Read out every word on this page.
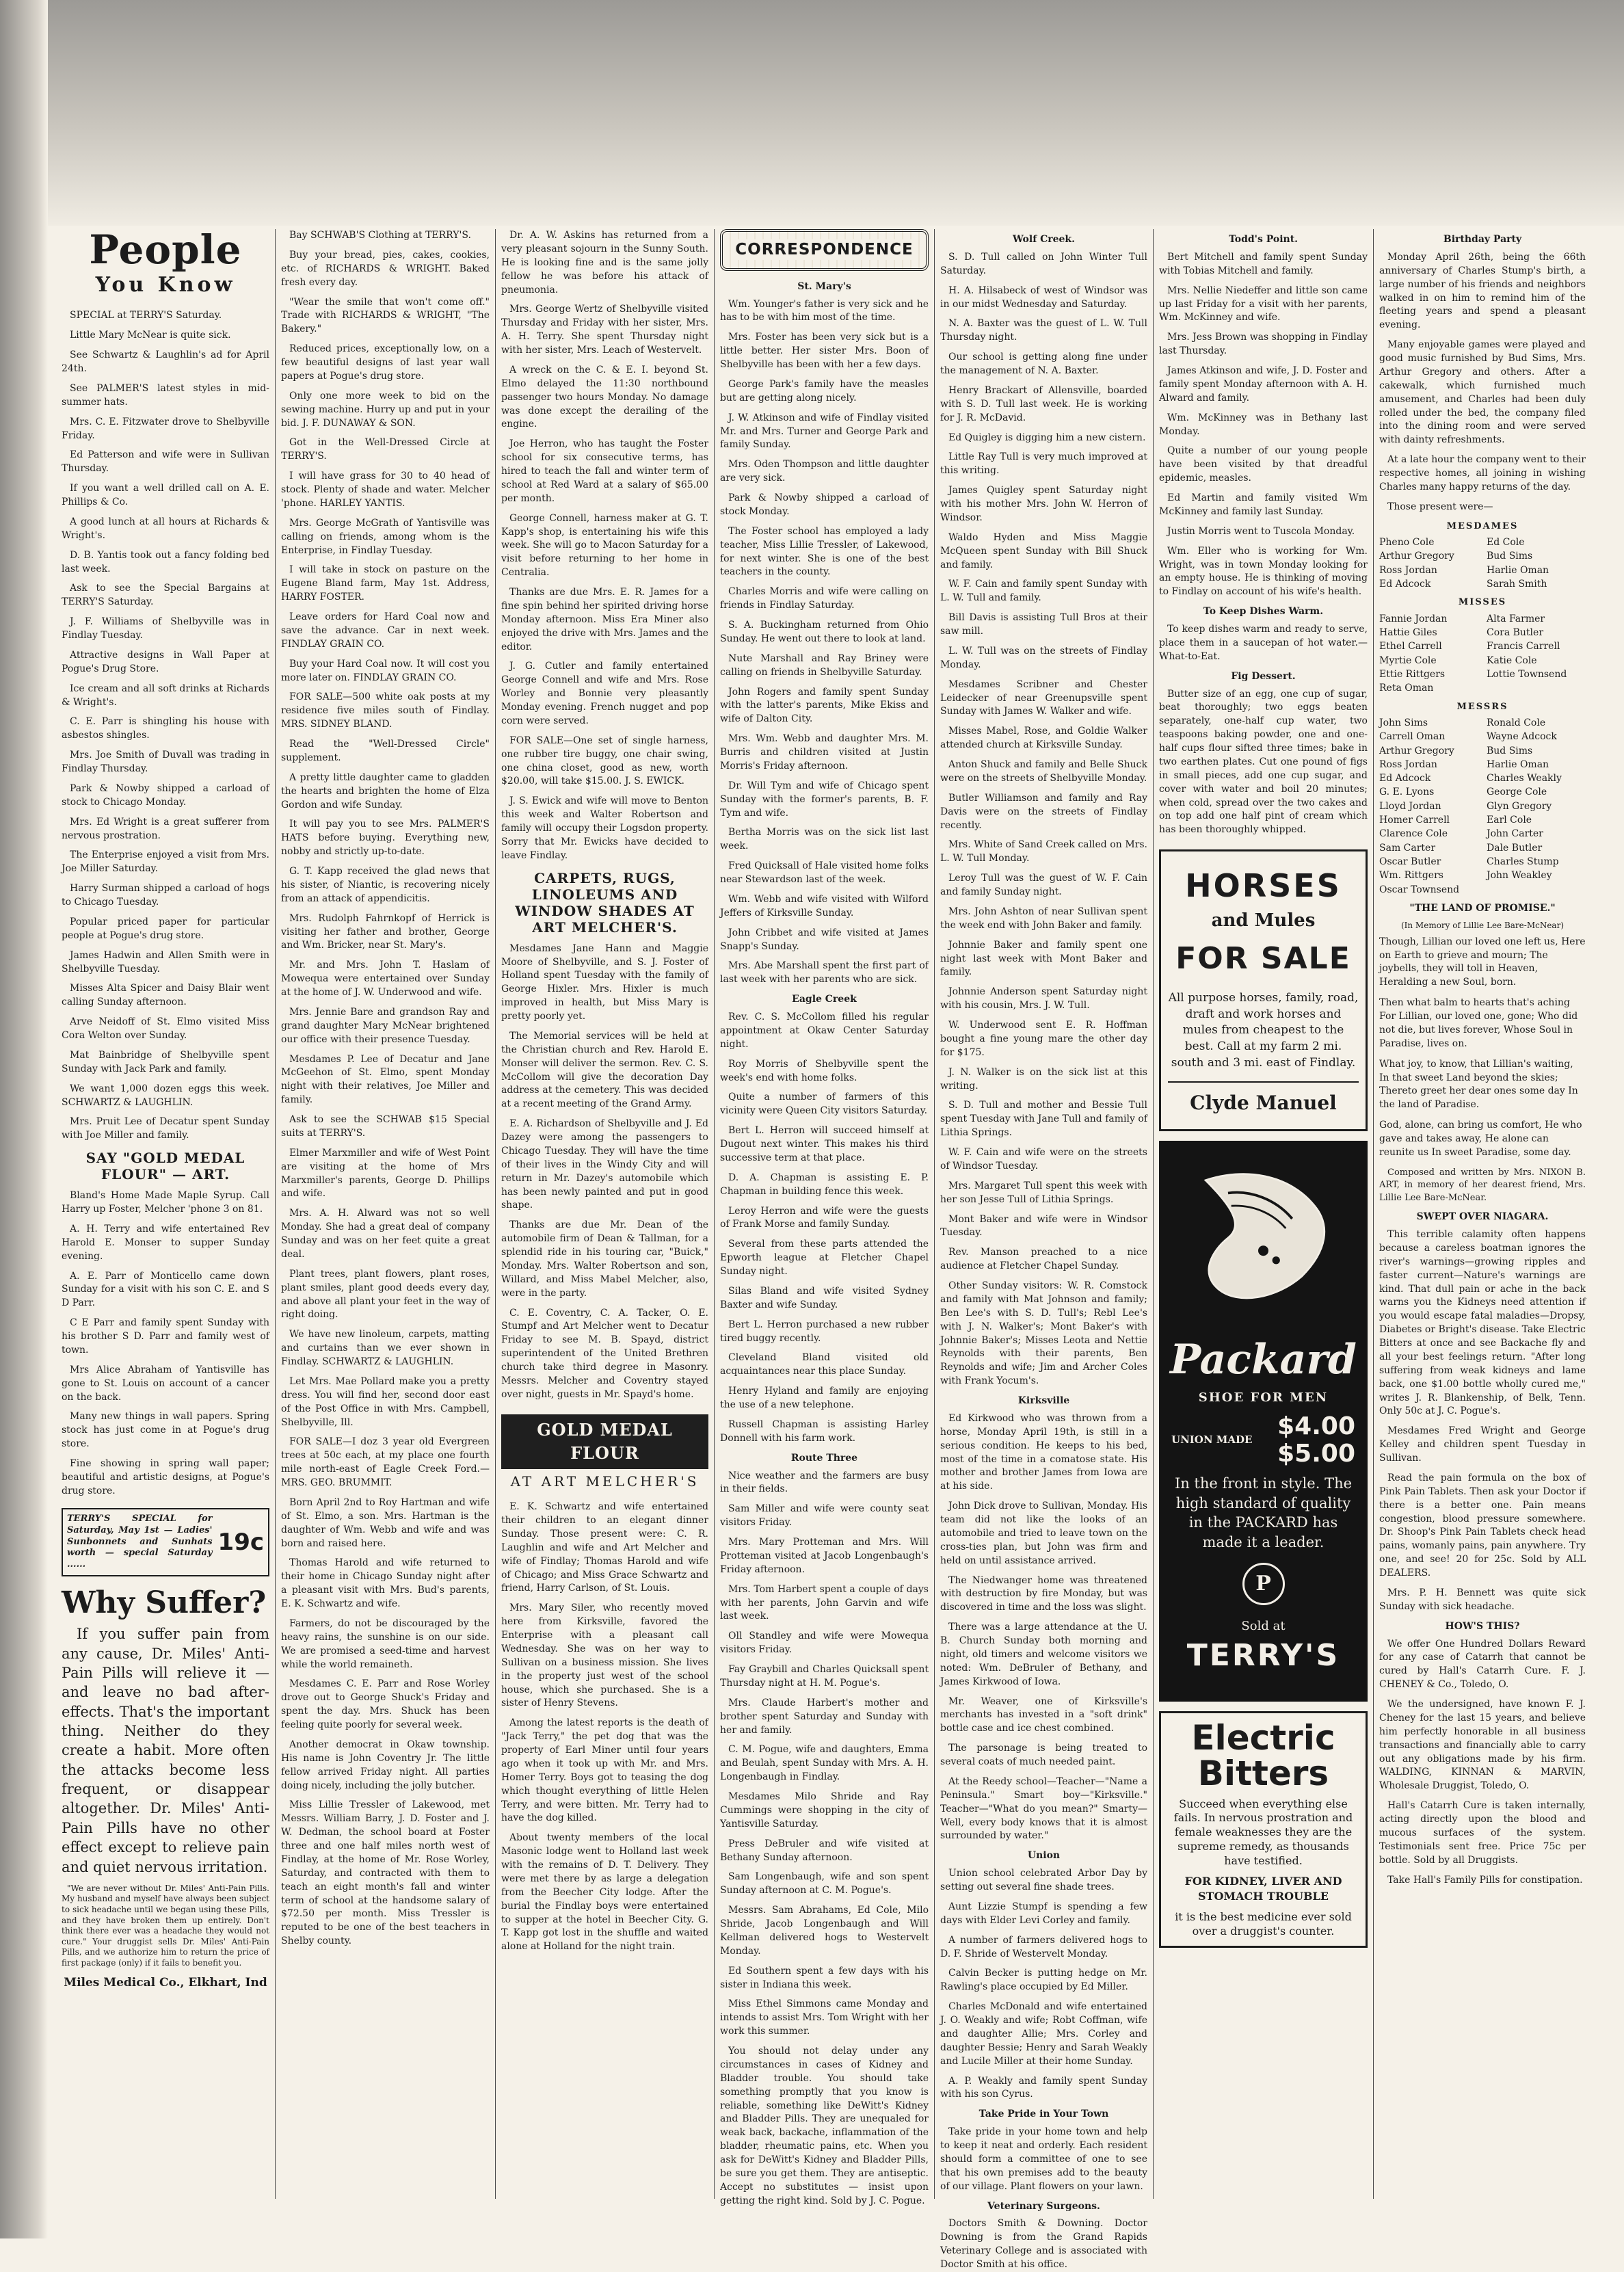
People
You Know

SPECIAL at TERRY'S Saturday.

Little Mary McNear is quite sick.

See Schwartz & Laughlin's ad for April 24th.

See PALMER'S latest styles in mid-summer hats.

Mrs. C. E. Fitzwater drove to Shelbyville Friday.

Ed Patterson and wife were in Sullivan Thursday.

If you want a well drilled call on A. E. Phillips & Co.

A good lunch at all hours at Richards & Wright's.

D. B. Yantis took out a fancy folding bed last week.

Ask to see the Special Bargains at TERRY'S Saturday.

J. F. Williams of Shelbyville was in Findlay Tuesday.

Attractive designs in Wall Paper at Pogue's Drug Store.

Ice cream and all soft drinks at Richards & Wright's.

C. E. Parr is shingling his house with asbestos shingles.

Mrs. Joe Smith of Duvall was trading in Findlay Thursday.

Park & Nowby shipped a carload of stock to Chicago Monday.

Mrs. Ed Wright is a great sufferer from nervous prostration.

The Enterprise enjoyed a visit from Mrs. Joe Miller Saturday.

Harry Surman shipped a carload of hogs to Chicago Tuesday.

Popular priced paper for particular people at Pogue's drug store.

James Hadwin and Allen Smith were in Shelbyville Tuesday.

Misses Alta Spicer and Daisy Blair went calling Sunday afternoon.

Arve Neidoff of St. Elmo visited Miss Cora Welton over Sunday.

Mat Bainbridge of Shelbyville spent Sunday with Jack Park and family.

We want 1,000 dozen eggs this week. SCHWARTZ & LAUGHLIN.

Mrs. Pruit Lee of Decatur spent Sunday with Joe Miller and family.

SAY "GOLD MEDAL FLOUR" — ART.

Bland's Home Made Maple Syrup. Call Harry up Foster, Melcher 'phone 3 on 81.

A. H. Terry and wife entertained Rev Harold E. Monser to supper Sunday evening.

A. E. Parr of Monticello came down Sunday for a visit with his son C. E. and S D Parr.

C E Parr and family spent Sunday with his brother S D. Parr and family west of town.

Mrs Alice Abraham of Yantisville has gone to St. Louis on account of a cancer on the back.

Many new things in wall papers. Spring stock has just come in at Pogue's drug store.

Fine showing in spring wall paper; beautiful and artistic designs, at Pogue's drug store.

TERRY'S SPECIAL for Saturday, May 1st — Ladies' Sunbonnets and Sunhats worth — special Saturday ......
19c
Why Suffer?
If you suffer pain from any cause, Dr. Miles' Anti-Pain Pills will relieve it —and leave no bad after-effects. That's the important thing. Neither do they create a habit. More often the attacks become less frequent, or disappear altogether. Dr. Miles' Anti-Pain Pills have no other effect except to relieve pain and quiet nervous irritation.
"We are never without Dr. Miles' Anti-Pain Pills. My husband and myself have always been subject to sick headache until we began using these Pills, and they have broken them up entirely. Don't think there ever was a headache they would not cure." Your druggist sells Dr. Miles' Anti-Pain Pills, and we authorize him to return the price of first package (only) if it fails to benefit you.
Miles Medical Co., Elkhart, Ind

Bay SCHWAB'S Clothing at TERRY'S.

Buy your bread, pies, cakes, cookies, etc. of RICHARDS & WRIGHT. Baked fresh every day.

"Wear the smile that won't come off." Trade with RICHARDS & WRIGHT, "The Bakery."

Reduced prices, exceptionally low, on a few beautiful designs of last year wall papers at Pogue's drug store.

Only one more week to bid on the sewing machine. Hurry up and put in your bid. J. F. DUNAWAY & SON.

Got in the Well-Dressed Circle at TERRY'S.

I will have grass for 30 to 40 head of stock. Plenty of shade and water. Melcher 'phone. HARLEY YANTIS.

Mrs. George McGrath of Yantisville was calling on friends, among whom is the Enterprise, in Findlay Tuesday.

I will take in stock on pasture on the Eugene Bland farm, May 1st. Address, HARRY FOSTER.

Leave orders for Hard Coal now and save the advance. Car in next week. FINDLAY GRAIN CO.

Buy your Hard Coal now. It will cost you more later on. FINDLAY GRAIN CO.

FOR SALE—500 white oak posts at my residence five miles south of Findlay. MRS. SIDNEY BLAND.

Read the "Well-Dressed Circle" supplement.

A pretty little daughter came to gladden the hearts and brighten the home of Elza Gordon and wife Sunday.

It will pay you to see Mrs. PALMER'S HATS before buying. Everything new, nobby and strictly up-to-date.

G. T. Kapp received the glad news that his sister, of Niantic, is recovering nicely from an attack of appendicitis.

Mrs. Rudolph Fahrnkopf of Herrick is visiting her father and brother, George and Wm. Bricker, near St. Mary's.

Mr. and Mrs. John T. Haslam of Mowequa were entertained over Sunday at the home of J. W. Underwood and wife.

Mrs. Jennie Bare and grandson Ray and grand daughter Mary McNear brightened our office with their presence Tuesday.

Mesdames P. Lee of Decatur and Jane McGeehon of St. Elmo, spent Monday night with their relatives, Joe Miller and family.

Ask to see the SCHWAB $15 Special suits at TERRY'S.

Elmer Marxmiller and wife of West Point are visiting at the home of Mrs Marxmiller's parents, George D. Phillips and wife.

Mrs. A. H. Alward was not so well Monday. She had a great deal of company Sunday and was on her feet quite a great deal.

Plant trees, plant flowers, plant roses, plant smiles, plant good deeds every day, and above all plant your feet in the way of right doing.

We have new linoleum, carpets, matting and curtains than we ever shown in Findlay. SCHWARTZ & LAUGHLIN.

Let Mrs. Mae Pollard make you a pretty dress. You will find her, second door east of the Post Office in with Mrs. Campbell, Shelbyville, Ill.

FOR SALE—I doz 3 year old Evergreen trees at 50c each, at my place one fourth mile north-east of Eagle Creek Ford.—MRS. GEO. BRUMMIT.

Born April 2nd to Roy Hartman and wife of St. Elmo, a son. Mrs. Hartman is the daughter of Wm. Webb and wife and was born and raised here.

Thomas Harold and wife returned to their home in Chicago Sunday night after a pleasant visit with Mrs. Bud's parents, E. K. Schwartz and wife.

Farmers, do not be discouraged by the heavy rains, the sunshine is on our side. We are promised a seed-time and harvest while the world remaineth.

Mesdames C. E. Parr and Rose Worley drove out to George Shuck's Friday and spent the day. Mrs. Shuck has been feeling quite poorly for several week.

Another democrat in Okaw township. His name is John Coventry Jr. The little fellow arrived Friday night. All parties doing nicely, including the jolly butcher.

Miss Lillie Tressler of Lakewood, met Messrs. William Barry, J. D. Foster and J. W. Dedman, the school board at Foster three and one half miles north west of Findlay, at the home of Mr. Rose Worley, Saturday, and contracted with them to teach an eight month's fall and winter term of school at the handsome salary of $72.50 per month. Miss Tressler is reputed to be one of the best teachers in Shelby county.

Dr. A. W. Askins has returned from a very pleasant sojourn in the Sunny South. He is looking fine and is the same jolly fellow he was before his attack of pneumonia.

Mrs. George Wertz of Shelbyville visited Thursday and Friday with her sister, Mrs. A. H. Terry. She spent Thursday night with her sister, Mrs. Leach of Westervelt.

A wreck on the C. & E. I. beyond St. Elmo delayed the 11:30 northbound passenger two hours Monday. No damage was done except the derailing of the engine.

Joe Herron, who has taught the Foster school for six consecutive terms, has hired to teach the fall and winter term of school at Red Ward at a salary of $65.00 per month.

George Connell, harness maker at G. T. Kapp's shop, is entertaining his wife this week. She will go to Macon Saturday for a visit before returning to her home in Centralia.

Thanks are due Mrs. E. R. James for a fine spin behind her spirited driving horse Monday afternoon. Miss Era Miner also enjoyed the drive with Mrs. James and the editor.

J. G. Cutler and family entertained George Connell and wife and Mrs. Rose Worley and Bonnie very pleasantly Monday evening. French nugget and pop corn were served.

FOR SALE—One set of single harness, one rubber tire buggy, one chair swing, one china closet, good as new, worth $20.00, will take $15.00. J. S. EWICK.

J. S. Ewick and wife will move to Benton this week and Walter Robertson and family will occupy their Logsdon property. Sorry that Mr. Ewicks have decided to leave Findlay.

CARPETS, RUGS, LINOLEUMS AND WINDOW SHADES AT ART MELCHER'S.

Mesdames Jane Hann and Maggie Moore of Shelbyville, and S. J. Foster of Holland spent Tuesday with the family of George Hixler. Mrs. Hixler is much improved in health, but Miss Mary is pretty poorly yet.

The Memorial services will be held at the Christian church and Rev. Harold E. Monser will deliver the sermon. Rev. C. S. McCollom will give the decoration Day address at the cemetery. This was decided at a recent meeting of the Grand Army.

E. A. Richardson of Shelbyville and J. Ed Dazey were among the passengers to Chicago Tuesday. They will have the time of their lives in the Windy City and will return in Mr. Dazey's automobile which has been newly painted and put in good shape.

Thanks are due Mr. Dean of the automobile firm of Dean & Tallman, for a splendid ride in his touring car, "Buick," Monday. Mrs. Walter Robertson and son, Willard, and Miss Mabel Melcher, also, were in the party.

C. E. Coventry, C. A. Tacker, O. E. Stumpf and Art Melcher went to Decatur Friday to see M. B. Spayd, district superintendent of the United Brethren church take third degree in Masonry. Messrs. Melcher and Coventry stayed over night, guests in Mr. Spayd's home.

GOLD MEDAL FLOUR
AT ART MELCHER'S

E. K. Schwartz and wife entertained their children to an elegant dinner Sunday. Those present were: C. R. Laughlin and wife and Art Melcher and wife of Findlay; Thomas Harold and wife of Chicago; and Miss Grace Schwartz and friend, Harry Carlson, of St. Louis.

Mrs. Mary Siler, who recently moved here from Kirksville, favored the Enterprise with a pleasant call Wednesday. She was on her way to Sullivan on a business mission. She lives in the property just west of the school house, which she purchased. She is a sister of Henry Stevens.

Among the latest reports is the death of "Jack Terry," the pet dog that was the property of Earl Miner until four years ago when it took up with Mr. and Mrs. Homer Terry. Boys got to teasing the dog which thought everything of little Helen Terry, and were bitten. Mr. Terry had to have the dog killed.

About twenty members of the local Masonic lodge went to Holland last week with the remains of D. T. Delivery. They were met there by as large a delegation from the Beecher City lodge. After the burial the Findlay boys were entertained to supper at the hotel in Beecher City. G. T. Kapp got lost in the shuffle and waited alone at Holland for the night train.

CORRESPONDENCE
St. Mary's

Wm. Younger's father is very sick and he has to be with him most of the time.

Mrs. Foster has been very sick but is a little better. Her sister Mrs. Boon of Shelbyville has been with her a few days.

George Park's family have the measles but are getting along nicely.

J. W. Atkinson and wife of Findlay visited Mr. and Mrs. Turner and George Park and family Sunday.

Mrs. Oden Thompson and little daughter are very sick.

Park & Nowby shipped a carload of stock Monday.

The Foster school has employed a lady teacher, Miss Lillie Tressler, of Lakewood, for next winter. She is one of the best teachers in the county.

Charles Morris and wife were calling on friends in Findlay Saturday.

S. A. Buckingham returned from Ohio Sunday. He went out there to look at land.

Nute Marshall and Ray Briney were calling on friends in Shelbyville Saturday.

John Rogers and family spent Sunday with the latter's parents, Mike Ekiss and wife of Dalton City.

Mrs. Wm. Webb and daughter Mrs. M. Burris and children visited at Justin Morris's Friday afternoon.

Dr. Will Tym and wife of Chicago spent Sunday with the former's parents, B. F. Tym and wife.

Bertha Morris was on the sick list last week.

Fred Quicksall of Hale visited home folks near Stewardson last of the week.

Wm. Webb and wife visited with Wilford Jeffers of Kirksville Sunday.

John Cribbet and wife visited at James Snapp's Sunday.

Mrs. Abe Marshall spent the first part of last week with her parents who are sick.

Eagle Creek

Rev. C. S. McCollom filled his regular appointment at Okaw Center Saturday night.

Roy Morris of Shelbyville spent the week's end with home folks.

Quite a number of farmers of this vicinity were Queen City visitors Saturday.

Bert L. Herron will succeed himself at Dugout next winter. This makes his third successive term at that place.

D. A. Chapman is assisting E. P. Chapman in building fence this week.

Leroy Herron and wife were the guests of Frank Morse and family Sunday.

Several from these parts attended the Epworth league at Fletcher Chapel Sunday night.

Silas Bland and wife visited Sydney Baxter and wife Sunday.

Bert L. Herron purchased a new rubber tired buggy recently.

Cleveland Bland visited old acquaintances near this place Sunday.

Henry Hyland and family are enjoying the use of a new telephone.

Russell Chapman is assisting Harley Donnell with his farm work.

Route Three

Nice weather and the farmers are busy in their fields.

Sam Miller and wife were county seat visitors Friday.

Mrs. Mary Protteman and Mrs. Will Protteman visited at Jacob Longenbaugh's Friday afternoon.

Mrs. Tom Harbert spent a couple of days with her parents, John Garvin and wife last week.

Oll Standley and wife were Mowequa visitors Friday.

Fay Graybill and Charles Quicksall spent Thursday night at H. M. Pogue's.

Mrs. Claude Harbert's mother and brother spent Saturday and Sunday with her and family.

C. M. Pogue, wife and daughters, Emma and Beulah, spent Sunday with Mrs. A. H. Longenbaugh in Findlay.

Mesdames Milo Shride and Ray Cummings were shopping in the city of Yantisville Saturday.

Press DeBruler and wife visited at Bethany Sunday afternoon.

Sam Longenbaugh, wife and son spent Sunday afternoon at C. M. Pogue's.

Messrs. Sam Abrahams, Ed Cole, Milo Shride, Jacob Longenbaugh and Will Kellman delivered hogs to Westervelt Monday.

Ed Southern spent a few days with his sister in Indiana this week.

Miss Ethel Simmons came Monday and intends to assist Mrs. Tom Wright with her work this summer.

You should not delay under any circumstances in cases of Kidney and Bladder trouble. You should take something promptly that you know is reliable, something like DeWitt's Kidney and Bladder Pills. They are unequaled for weak back, backache, inflammation of the bladder, rheumatic pains, etc. When you ask for DeWitt's Kidney and Bladder Pills, be sure you get them. They are antiseptic. Accept no substitutes — insist upon getting the right kind. Sold by J. C. Pogue.

Wolf Creek.

S. D. Tull called on John Winter Tull Saturday.

H. A. Hilsabeck of west of Windsor was in our midst Wednesday and Saturday.

N. A. Baxter was the guest of L. W. Tull Thursday night.

Our school is getting along fine under the management of N. A. Baxter.

Henry Brackart of Allensville, boarded with S. D. Tull last week. He is working for J. R. McDavid.

Ed Quigley is digging him a new cistern.

Little Ray Tull is very much improved at this writing.

James Quigley spent Saturday night with his mother Mrs. John W. Herron of Windsor.

Waldo Hyden and Miss Maggie McQueen spent Sunday with Bill Shuck and family.

W. F. Cain and family spent Sunday with L. W. Tull and family.

Bill Davis is assisting Tull Bros at their saw mill.

L. W. Tull was on the streets of Findlay Monday.

Mesdames Scribner and Chester Leidecker of near Greenupsville spent Sunday with James W. Walker and wife.

Misses Mabel, Rose, and Goldie Walker attended church at Kirksville Sunday.

Anton Shuck and family and Belle Shuck were on the streets of Shelbyville Monday.

Butler Williamson and family and Ray Davis were on the streets of Findlay recently.

Mrs. White of Sand Creek called on Mrs. L. W. Tull Monday.

Leroy Tull was the guest of W. F. Cain and family Sunday night.

Mrs. John Ashton of near Sullivan spent the week end with John Baker and family.

Johnnie Baker and family spent one night last week with Mont Baker and family.

Johnnie Anderson spent Saturday night with his cousin, Mrs. J. W. Tull.

W. Underwood sent E. R. Hoffman bought a fine young mare the other day for $175.

J. N. Walker is on the sick list at this writing.

S. D. Tull and mother and Bessie Tull spent Tuesday with Jane Tull and family of Lithia Springs.

W. F. Cain and wife were on the streets of Windsor Tuesday.

Mrs. Margaret Tull spent this week with her son Jesse Tull of Lithia Springs.

Mont Baker and wife were in Windsor Tuesday.

Rev. Manson preached to a nice audience at Fletcher Chapel Sunday.

Other Sunday visitors: W. R. Comstock and family with Mat Johnson and family; Ben Lee's with S. D. Tull's; Rebl Lee's with J. N. Walker's; Mont Baker's with Johnnie Baker's; Misses Leota and Nettie Reynolds with their parents, Ben Reynolds and wife; Jim and Archer Coles with Frank Yocum's.

Kirksville

Ed Kirkwood who was thrown from a horse, Monday April 19th, is still in a serious condition. He keeps to his bed, most of the time in a comatose state. His mother and brother James from Iowa are at his side.

John Dick drove to Sullivan, Monday. His team did not like the looks of an automobile and tried to leave town on the cross-ties plan, but John was firm and held on until assistance arrived.

The Niedwanger home was threatened with destruction by fire Monday, but was discovered in time and the loss was slight.

There was a large attendance at the U. B. Church Sunday both morning and night, old timers and welcome visitors we noted: Wm. DeBruler of Bethany, and James Kirkwood of Iowa.

Mr. Weaver, one of Kirksville's merchants has invested in a "soft drink" bottle case and ice chest combined.

The parsonage is being treated to several coats of much needed paint.

At the Reedy school—Teacher—"Name a Peninsula." Smart boy—"Kirksville." Teacher—"What do you mean?" Smarty—Well, every body knows that it is almost surrounded by water."

Union

Union school celebrated Arbor Day by setting out several fine shade trees.

Aunt Lizzie Stumpf is spending a few days with Elder Levi Corley and family.

A number of farmers delivered hogs to D. F. Shride of Westervelt Monday.

Calvin Becker is putting hedge on Mr. Rawling's place occupied by Ed Miller.

Charles McDonald and wife entertained J. O. Weakly and wife; Robt Coffman, wife and daughter Allie; Mrs. Corley and daughter Bessie; Henry and Sarah Weakly and Lucile Miller at their home Sunday.

A. P. Weakly and family spent Sunday with his son Cyrus.

Take Pride in Your Town

Take pride in your home town and help to keep it neat and orderly. Each resident should form a committee of one to see that his own premises add to the beauty of our village. Plant flowers on your lawn.

Veterinary Surgeons.

Doctors Smith & Downing. Doctor Downing is from the Grand Rapids Veterinary College and is associated with Doctor Smith at his office.

Todd's Point.

Bert Mitchell and family spent Sunday with Tobias Mitchell and family.

Mrs. Nellie Niedeffer and little son came up last Friday for a visit with her parents, Wm. McKinney and wife.

Mrs. Jess Brown was shopping in Findlay last Thursday.

James Atkinson and wife, J. D. Foster and family spent Monday afternoon with A. H. Alward and family.

Wm. McKinney was in Bethany last Monday.

Quite a number of our young people have been visited by that dreadful epidemic, measles.

Ed Martin and family visited Wm McKinney and family last Sunday.

Justin Morris went to Tuscola Monday.

Wm. Eller who is working for Wm. Wright, was in town Monday looking for an empty house. He is thinking of moving to Findlay on account of his wife's health.

To Keep Dishes Warm.

To keep dishes warm and ready to serve, place them in a saucepan of hot water.—What-to-Eat.

Fig Dessert.

Butter size of an egg, one cup of sugar, beat thoroughly; two eggs beaten separately, one-half cup water, two teaspoons baking powder, one and one-half cups flour sifted three times; bake in two earthen plates. Cut one pound of figs in small pieces, add one cup sugar, and cover with water and boil 20 minutes; when cold, spread over the two cakes and on top add one half pint of cream which has been thoroughly whipped.

HORSES
and Mules
FOR SALE
All purpose horses, family, road, draft and work horses and mules from cheapest to the best. Call at my farm 2 mi. south and 3 mi. east of Findlay.
Clyde Manuel
Packard
SHOE FOR MEN
UNION MADE $4.00
$5.00
In the front in style. The high standard of quality in the PACKARD has made it a leader.
P
Sold at
TERRY'S
Electric Bitters
Succeed when everything else fails. In nervous prostration and female weaknesses they are the supreme remedy, as thousands have testified.
FOR KIDNEY, LIVER AND STOMACH TROUBLE
it is the best medicine ever sold over a druggist's counter.
Birthday Party

Monday April 26th, being the 66th anniversary of Charles Stump's birth, a large number of his friends and neighbors walked in on him to remind him of the fleeting years and spend a pleasant evening.

Many enjoyable games were played and good music furnished by Bud Sims, Mrs. Arthur Gregory and others. After a cakewalk, which furnished much amusement, and Charles had been duly rolled under the bed, the company filed into the dining room and were served with dainty refreshments.

At a late hour the company went to their respective homes, all joining in wishing Charles many happy returns of the day.

Those present were—

MESDAMES
Pheno Cole	Ed Cole
Arthur Gregory	Bud Sims
Ross Jordan	Harlie Oman
Ed Adcock	Sarah Smith
MISSES
Fannie Jordan	Alta Farmer
Hattie Giles	Cora Butler
Ethel Carrell	Francis Carrell
Myrtie Cole	Katie Cole
Ettie Rittgers	Lottie Townsend
Reta Oman
MESSRS
John Sims	Ronald Cole
Carrell Oman	Wayne Adcock
Arthur Gregory	Bud Sims
Ross Jordan	Harlie Oman
Ed Adcock	Charles Weakly
G. E. Lyons	George Cole
Lloyd Jordan	Glyn Gregory
Homer Carrell	Earl Cole
Clarence Cole	John Carter
Sam Carter	Dale Butler
Oscar Butler	Charles Stump
Wm. Rittgers	John Weakley
Oscar Townsend
"THE LAND OF PROMISE."
(In Memory of Lillie Lee Bare-McNear)

Though, Lillian our loved one left us, Here on Earth to grieve and mourn; The joybells, they will toll in Heaven, Heralding a new Soul, born.

Then what balm to hearts that's aching For Lillian, our loved one, gone; Who did not die, but lives forever, Whose Soul in Paradise, lives on.

What joy, to know, that Lillian's waiting, In that sweet Land beyond the skies; Thereto greet her dear ones some day In the land of Paradise.

God, alone, can bring us comfort, He who gave and takes away, He alone can reunite us In sweet Paradise, some day.

Composed and written by Mrs. NIXON B. ART, in memory of her dearest friend, Mrs. Lillie Lee Bare-McNear.

SWEPT OVER NIAGARA.

This terrible calamity often happens because a careless boatman ignores the river's warnings—growing ripples and faster current—Nature's warnings are kind. That dull pain or ache in the back warns you the Kidneys need attention if you would escape fatal maladies—Dropsy, Diabetes or Bright's disease. Take Electric Bitters at once and see Backache fly and all your best feelings return. "After long suffering from weak kidneys and lame back, one $1.00 bottle wholly cured me," writes J. R. Blankenship, of Belk, Tenn. Only 50c at J. C. Pogue's.

Mesdames Fred Wright and George Kelley and children spent Tuesday in Sullivan.

Read the pain formula on the box of Pink Pain Tablets. Then ask your Doctor if there is a better one. Pain means congestion, blood pressure somewhere. Dr. Shoop's Pink Pain Tablets check head pains, womanly pains, pain anywhere. Try one, and see! 20 for 25c. Sold by ALL DEALERS.

Mrs. P. H. Bennett was quite sick Sunday with sick headache.

HOW'S THIS?

We offer One Hundred Dollars Reward for any case of Catarrh that cannot be cured by Hall's Catarrh Cure. F. J. CHENEY & Co., Toledo, O.

We the undersigned, have known F. J. Cheney for the last 15 years, and believe him perfectly honorable in all business transactions and financially able to carry out any obligations made by his firm. WALDING, KINNAN & MARVIN, Wholesale Druggist, Toledo, O.

Hall's Catarrh Cure is taken internally, acting directly upon the blood and mucous surfaces of the system. Testimonials sent free. Price 75c per bottle. Sold by all Druggists.

Take Hall's Family Pills for constipation.
